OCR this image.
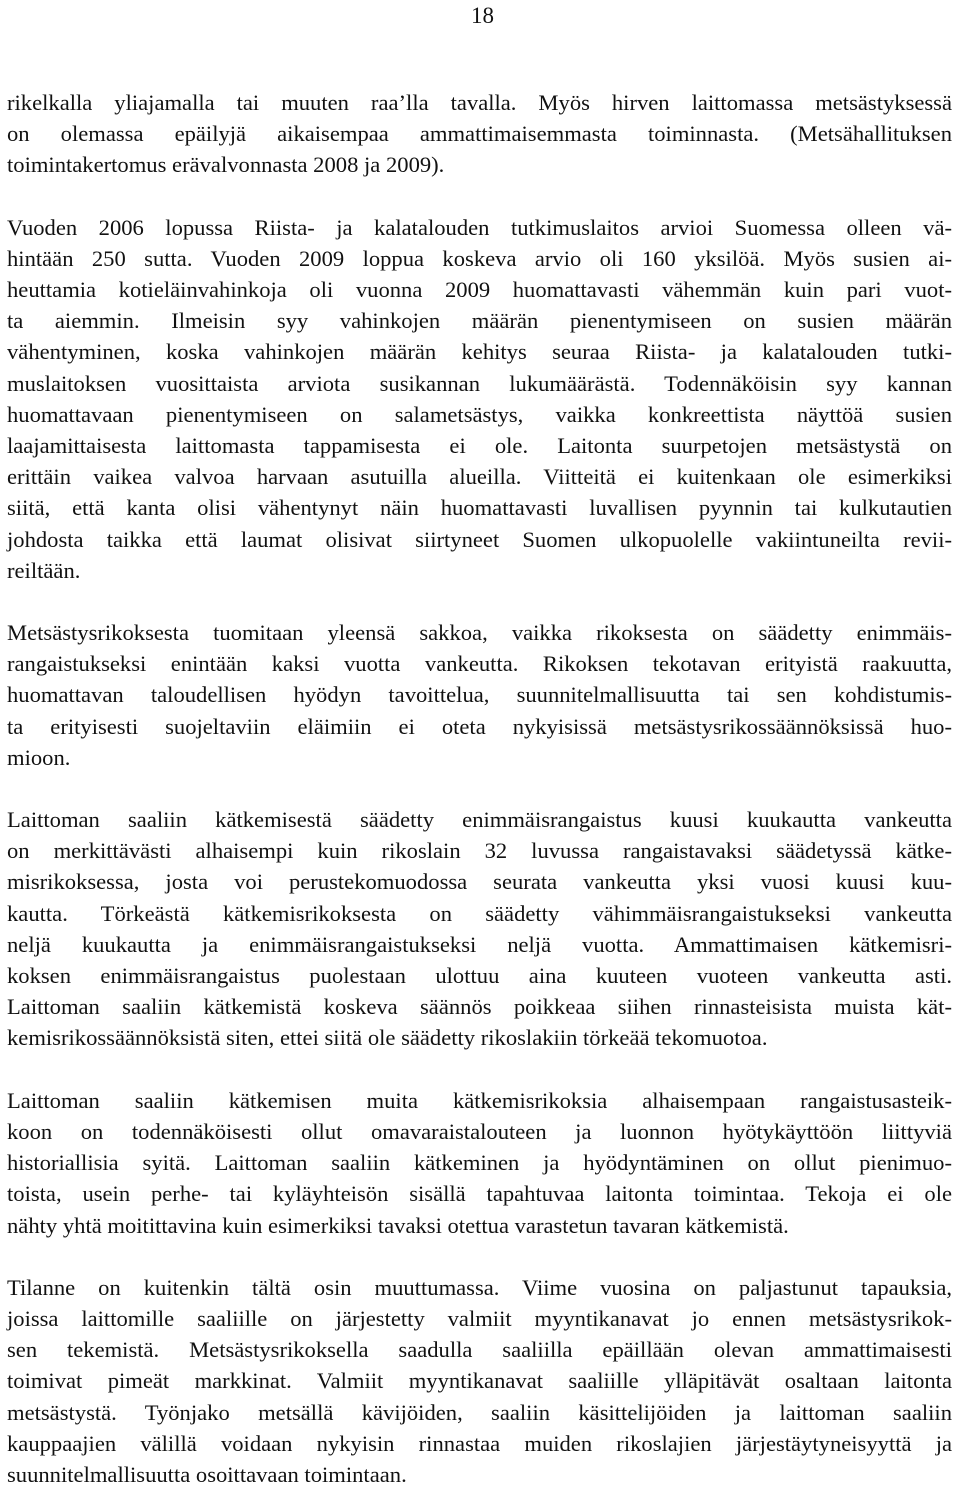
18

rikelkalla yliajamalla tai muuten raa’lla tavalla. Myös hirven laittomassa metsästyksessä
on olemassa epäilyjä aikaisempaa ammattimaisemmasta toiminnasta. (Metsähallituksen
toimintakertomus erävalvonnasta 2008 ja 2009).

Vuoden 2006 lopussa Riista- ja kalatalouden tutkimuslaitos arvioi Suomessa olleen vä-
hintään 250 sutta. Vuoden 2009 loppua koskeva arvio oli 160 yksilöä. Myös susien ai-
heuttamia kotieläinvahinkoja oli vuonna 2009 huomattavasti vähemmän kuin pari vuot-
ta aiemmin. Ilmeisin syy vahinkojen määrän pienentymiseen on susien määrän
vähentyminen, koska vahinkojen määrän kehitys seuraa Riista- ja kalatalouden tutki-
muslaitoksen vuosittaista arviota susikannan lukumäärästä. Todennäköisin syy kannan
huomattavaan pienentymiseen on salametsästys, vaikka konkreettista näyttöä susien
laajamittaisesta laittomasta tappamisesta ei ole. Laitonta suurpetojen metsästystä on
erittäin vaikea valvoa harvaan asutuilla alueilla. Viitteitä ei kuitenkaan ole esimerkiksi
siitä, että kanta olisi vähentynyt näin huomattavasti luvallisen pyynnin tai kulkutautien
johdosta taikka että laumat olisivat siirtyneet Suomen ulkopuolelle vakiintuneilta revii-
reiltään.

Metsästysrikoksesta tuomitaan yleensä sakkoa, vaikka rikoksesta on säädetty enimmäis-
rangaistukseksi enintään kaksi vuotta vankeutta. Rikoksen tekotavan erityistä raakuutta,
huomattavan taloudellisen hyödyn tavoittelua, suunnitelmallisuutta tai sen kohdistumis-
ta erityisesti suojeltaviin eläimiin ei oteta nykyisissä metsästysrikossäännöksissä huo-
mioon.

Laittoman saaliin kätkemisestä säädetty enimmäisrangaistus kuusi kuukautta vankeutta
on merkittävästi alhaisempi kuin rikoslain 32 luvussa rangaistavaksi säädetyssä kätke-
misrikoksessa, josta voi perustekomuodossa seurata vankeutta yksi vuosi kuusi kuu-
kautta. Törkeästä kätkemisrikoksesta on säädetty vähimmäisrangaistukseksi vankeutta
neljä kuukautta ja enimmäisrangaistukseksi neljä vuotta. Ammattimaisen kätkemisri-
koksen enimmäisrangaistus puolestaan ulottuu aina kuuteen vuoteen vankeutta asti.
Laittoman saaliin kätkemistä koskeva säännös poikkeaa siihen rinnasteisista muista kät-
kemisrikossäännöksistä siten, ettei siitä ole säädetty rikoslakiin törkeää tekomuotoa.

Laittoman saaliin kätkemisen muita kätkemisrikoksia alhaisempaan rangaistusasteik-
koon on todennäköisesti ollut omavaraistalouteen ja luonnon hyötykäyttöön liittyviä
historiallisia syitä. Laittoman saaliin kätkeminen ja hyödyntäminen on ollut pienimuo-
toista, usein perhe- tai kyläyhteisön sisällä tapahtuvaa laitonta toimintaa. Tekoja ei ole
nähty yhtä moitittavina kuin esimerkiksi tavaksi otettua varastetun tavaran kätkemistä.

Tilanne on kuitenkin tältä osin muuttumassa. Viime vuosina on paljastunut tapauksia,
joissa laittomille saaliille on järjestetty valmiit myyntikanavat jo ennen metsästysrikok-
sen tekemistä. Metsästysrikoksella saadulla saaliilla epäillään olevan ammattimaisesti
toimivat pimeät markkinat. Valmiit myyntikanavat saaliille ylläpitävät osaltaan laitonta
metsästystä. Työnjako metsällä kävijöiden, saaliin käsittelijöiden ja laittoman saaliin
kauppaajien välillä voidaan nykyisin rinnastaa muiden rikoslajien järjestäytyneisyyttä ja
suunnitelmallisuutta osoittavaan toimintaan.
